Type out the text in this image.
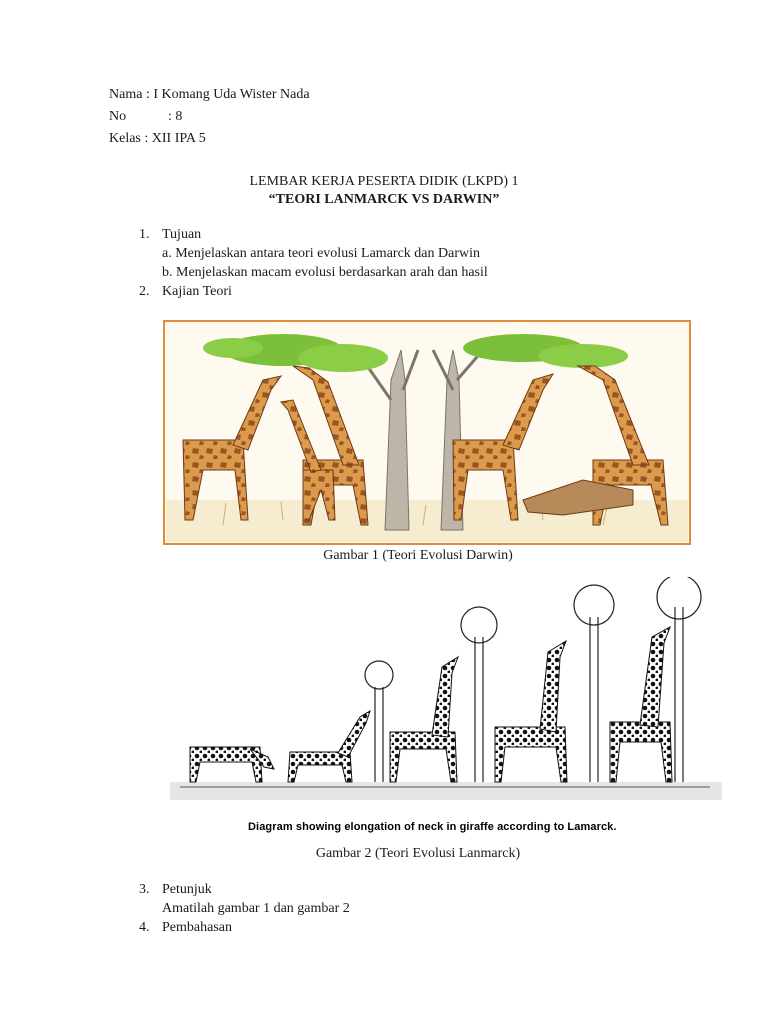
Nama : I Komang Uda Wister Nada
No	: 8
Kelas : XII IPA 5
LEMBAR KERJA PESERTA DIDIK (LKPD) 1
“TEORI LANMARCK VS DARWIN”
1. Tujuan
a. Menjelaskan antara teori evolusi Lamarck dan Darwin
b. Menjelaskan macam evolusi berdasarkan arah dan hasil
2. Kajian Teori
Gambar 1 (Teori Evolusi Darwin)
Diagram showing elongation of neck in giraffe according to Lamarck.
Gambar 2 (Teori Evolusi Lanmarck)
3. Petunjuk
Amatilah gambar 1 dan gambar 2
4. Pembahasan
